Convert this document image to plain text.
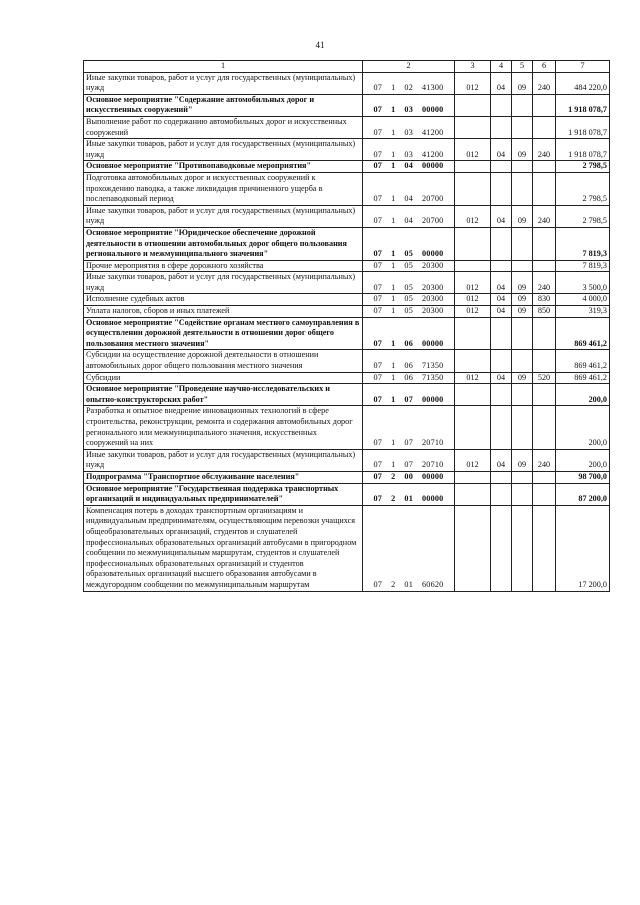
41
1	2	3	4	5	6	7
Иные закупки товаров, работ и услуг для государственных (муниципальных) нужд	07 1 02 41300	012	04	09	240	484 220,0
Основное мероприятие "Содержание автомобильных дорог и искусственных сооружений"	07 1 03 00000					1 918 078,7
Выполнение работ по содержанию автомобильных дорог и искусственных сооружений	07 1 03 41200					1 918 078,7
Иные закупки товаров, работ и услуг для государственных (муниципальных) нужд	07 1 03 41200	012	04	09	240	1 918 078,7
Основное мероприятие "Противопаводковые мероприятия"	07 1 04 00000					2 798,5
Подготовка автомобильных дорог и искусственных сооружений к прохождению паводка, а также ликвидация причиненного ущерба в послепаводковый период	07 1 04 20700					2 798,5
Иные закупки товаров, работ и услуг для государственных (муниципальных) нужд	07 1 04 20700	012	04	09	240	2 798,5
Основное мероприятие "Юридическое обеспечение дорожной деятельности в отношении автомобильных дорог общего пользования регионального и межмуниципального значения"	07 1 05 00000					7 819,3
Прочие мероприятия в сфере дорожного хозяйства	07 1 05 20300					7 819,3
Иные закупки товаров, работ и услуг для государственных (муниципальных) нужд	07 1 05 20300	012	04	09	240	3 500,0
Исполнение судебных актов	07 1 05 20300	012	04	09	830	4 000,0
Уплата налогов, сборов и иных платежей	07 1 05 20300	012	04	09	850	319,3
Основное мероприятие "Содействие органам местного самоуправления в осуществлении дорожной деятельности в отношении дорог общего пользования местного значения"	07 1 06 00000					869 461,2
Субсидии на осуществление дорожной деятельности в отношении автомобильных дорог общего пользования местного значения	07 1 06 71350					869 461,2
Субсидии	07 1 06 71350	012	04	09	520	869 461,2
Основное мероприятие "Проведение научно-исследовательских и опытно-конструкторских работ"	07 1 07 00000					200,0
Разработка и опытное внедрение инновационных технологий в сфере строительства, реконструкции, ремонта и содержания автомобильных дорог регионального или межмуниципального значения, искусственных сооружений на них	07 1 07 20710					200,0
Иные закупки товаров, работ и услуг для государственных (муниципальных) нужд	07 1 07 20710	012	04	09	240	200,0
Подпрограмма "Транспортное обслуживание населения"	07 2 00 00000					98 700,0
Основное мероприятие "Государственная поддержка транспортных организаций и индивидуальных предпринимателей"	07 2 01 00000					87 200,0
Компенсация потерь в доходах транспортным организациям и индивидуальным предпринимателям, осуществляющим перевозки учащихся общеобразовательных организаций, студентов и слушателей профессиональных образовательных организаций автобусами в пригородном сообщении по межмуниципальным маршрутам, студентов и слушателей профессиональных образовательных организаций и студентов образовательных организаций высшего образования автобусами в междугородном сообщении по межмуниципальным маршрутам	07 2 01 60620					17 200,0
